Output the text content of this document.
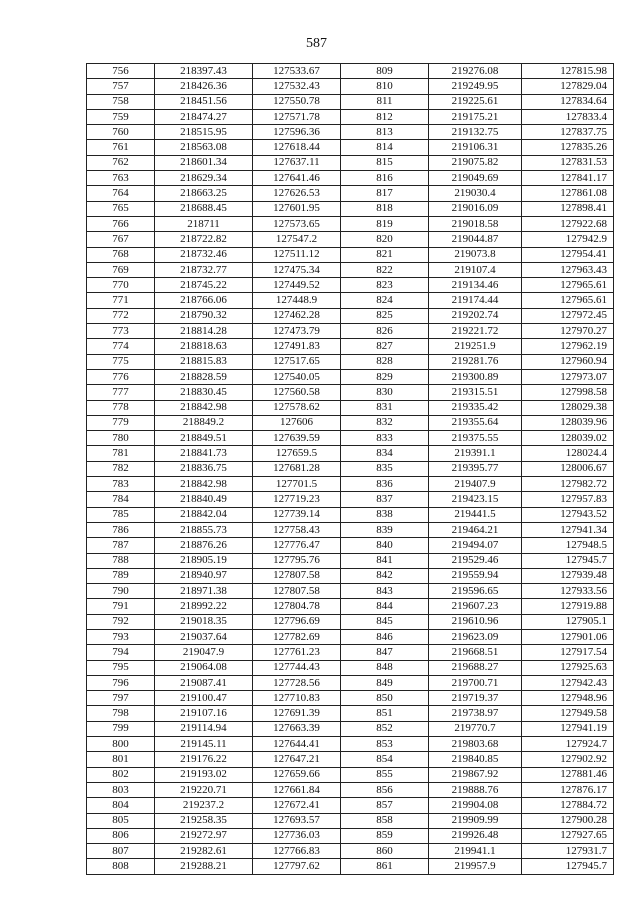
587
756	218397.43	127533.67	809	219276.08	127815.98
757	218426.36	127532.43	810	219249.95	127829.04
758	218451.56	127550.78	811	219225.61	127834.64
759	218474.27	127571.78	812	219175.21	127833.4
760	218515.95	127596.36	813	219132.75	127837.75
761	218563.08	127618.44	814	219106.31	127835.26
762	218601.34	127637.11	815	219075.82	127831.53
763	218629.34	127641.46	816	219049.69	127841.17
764	218663.25	127626.53	817	219030.4	127861.08
765	218688.45	127601.95	818	219016.09	127898.41
766	218711	127573.65	819	219018.58	127922.68
767	218722.82	127547.2	820	219044.87	127942.9
768	218732.46	127511.12	821	219073.8	127954.41
769	218732.77	127475.34	822	219107.4	127963.43
770	218745.22	127449.52	823	219134.46	127965.61
771	218766.06	127448.9	824	219174.44	127965.61
772	218790.32	127462.28	825	219202.74	127972.45
773	218814.28	127473.79	826	219221.72	127970.27
774	218818.63	127491.83	827	219251.9	127962.19
775	218815.83	127517.65	828	219281.76	127960.94
776	218828.59	127540.05	829	219300.89	127973.07
777	218830.45	127560.58	830	219315.51	127998.58
778	218842.98	127578.62	831	219335.42	128029.38
779	218849.2	127606	832	219355.64	128039.96
780	218849.51	127639.59	833	219375.55	128039.02
781	218841.73	127659.5	834	219391.1	128024.4
782	218836.75	127681.28	835	219395.77	128006.67
783	218842.98	127701.5	836	219407.9	127982.72
784	218840.49	127719.23	837	219423.15	127957.83
785	218842.04	127739.14	838	219441.5	127943.52
786	218855.73	127758.43	839	219464.21	127941.34
787	218876.26	127776.47	840	219494.07	127948.5
788	218905.19	127795.76	841	219529.46	127945.7
789	218940.97	127807.58	842	219559.94	127939.48
790	218971.38	127807.58	843	219596.65	127933.56
791	218992.22	127804.78	844	219607.23	127919.88
792	219018.35	127796.69	845	219610.96	127905.1
793	219037.64	127782.69	846	219623.09	127901.06
794	219047.9	127761.23	847	219668.51	127917.54
795	219064.08	127744.43	848	219688.27	127925.63
796	219087.41	127728.56	849	219700.71	127942.43
797	219100.47	127710.83	850	219719.37	127948.96
798	219107.16	127691.39	851	219738.97	127949.58
799	219114.94	127663.39	852	219770.7	127941.19
800	219145.11	127644.41	853	219803.68	127924.7
801	219176.22	127647.21	854	219840.85	127902.92
802	219193.02	127659.66	855	219867.92	127881.46
803	219220.71	127661.84	856	219888.76	127876.17
804	219237.2	127672.41	857	219904.08	127884.72
805	219258.35	127693.57	858	219909.99	127900.28
806	219272.97	127736.03	859	219926.48	127927.65
807	219282.61	127766.83	860	219941.1	127931.7
808	219288.21	127797.62	861	219957.9	127945.7
